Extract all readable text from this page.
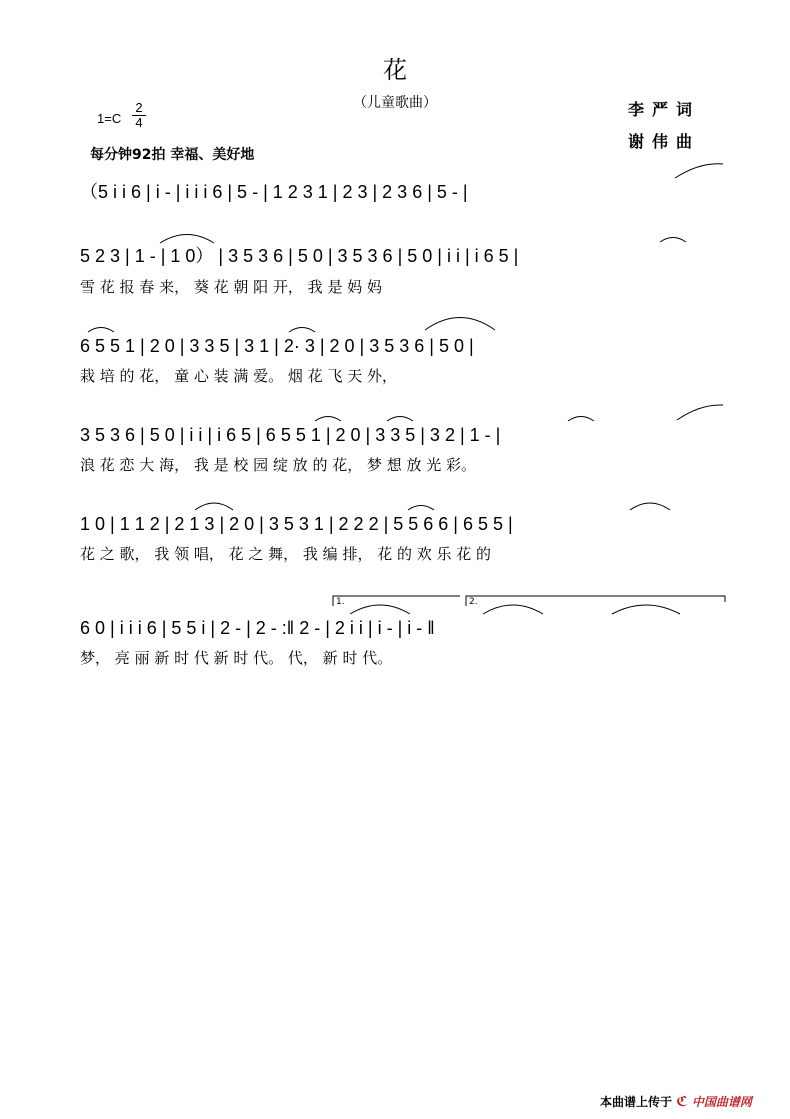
花
（儿童歌曲）
1=C
2
4
每分钟92拍 幸福、美好地
李严词
谢伟曲
（5 i i 6 | i - | i i i 6 | 5 - | 1 2 3 1 | 2 3 | 2 3 6 | 5 - |
5 2 3 | 1 - | 1 0） | 3 5 3 6 | 5 0 | 3 5 3 6 | 5 0 | i i | i 6 5 |
雪 花 报 春 来， 葵 花 朝 阳 开， 我 是 妈 妈
6 5 5 1 | 2 0 | 3 3 5 | 3 1 | 2· 3 | 2 0 | 3 5 3 6 | 5 0 |
栽 培 的 花， 童 心 装 满 爱。 烟 花 飞 天 外，
3 5 3 6 | 5 0 | i i | i 6 5 | 6 5 5 1 | 2 0 | 3 3 5 | 3 2 | 1 - |
浪 花 恋 大 海， 我 是 校 园 绽 放 的 花， 梦 想 放 光 彩。
1 0 | 1 1 2 | 2 1 3 | 2 0 | 3 5 3 1 | 2 2 2 | 5 5 6 6 | 6 5 5 |
花 之 歌， 我 领 唱， 花 之 舞， 我 编 排， 花 的 欢 乐 花 的
6 0 | i i i 6 | 5 5 i | 2 - | 2 - :‖ 2 - | 2 i i | i - | i - ‖
梦， 亮 丽 新 时 代 新 时 代。 代， 新 时 代。
1.	2.
本曲谱上传于 ℭ 中国曲谱网
